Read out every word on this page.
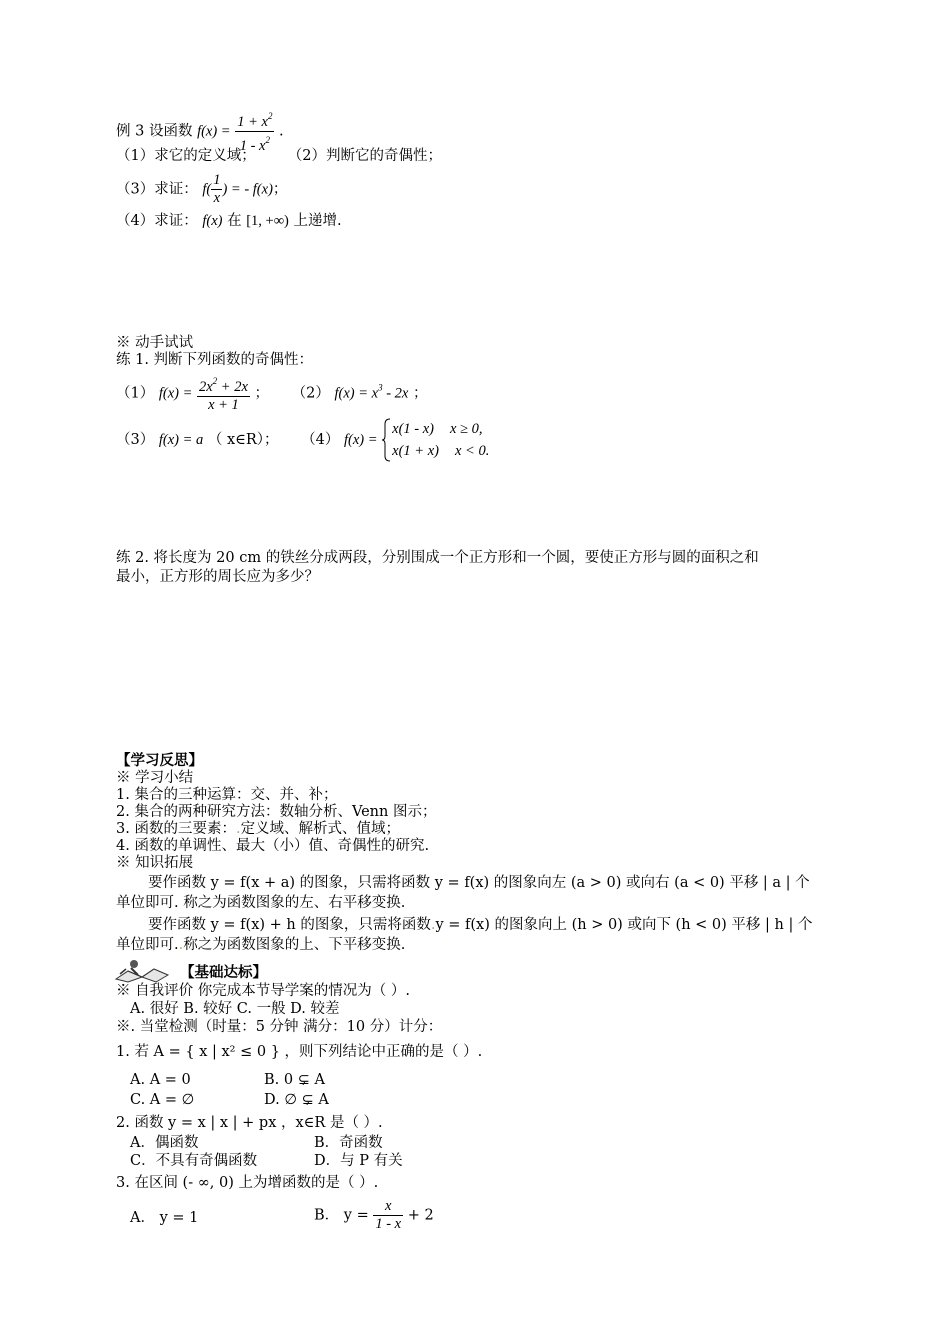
例 3 设函数 $f(x) = \frac{1 + x^2}{1 - x^2}$ .
（1）求它的定义域； （2）判断它的奇偶性；
（3）求证： $f( \frac{1}{x}$ ) = - f(x)；
（4）求证： f(x) 在 [1, +∞) 上递增.
※ 动手试试
练 1. 判断下列函数的奇偶性：
（1） $f(x) = \frac{2x^2 + 2x}{x + 1}$ ； （2） $f(x) = x^3 - 2x$ ；
（3） f(x) = a （ x∈R）； （4） f(x) =
x(1 - x) x ≥ 0,
x(1 + x) x < 0.
练 2. 将长度为 20 cm 的铁丝分成两段，分别围成一个正方形和一个圆，要使正方形与圆的面积之和
最小，正方形的周长应为多少？
【学习反思】
※ 学习小结
1. 集合的三种运算：交、并、补；
2. 集合的两种研究方法：数轴分析、Venn 图示；
3. 函数的三要素：.定义域、解析式、值域；
4. 函数的单调性、最大（小）值、奇偶性的研究.
※ 知识拓展
要作函数 y = f(x + a) 的图象，只需将函数 y = f(x) 的图象向左 (a > 0) 或向右 (a < 0) 平移 | a | 个
单位即可. 称之为函数图象的左、右平移变换.
要作函数 y = f(x) + h 的图象，只需将函数.y = f(x) 的图象向上 (h > 0) 或向下 (h < 0) 平移 | h | 个
单位即可..称之为函数图象的上、下平移变换.
【基础达标】
※ 自我评价 你完成本节导学案的情况为（ ）.
A. 很好 B. 较好 C. 一般 D. 较差
※. 当堂检测（时量：5 分钟 满分：10 分）计分：
1. 若 A = { x | x² ≤ 0 } ，则下列结论中正确的是（ ）.
A. A = 0	B. 0 ⊊ A
C. A = ∅	D. ∅ ⊊ A
2. 函数 y = x | x | + px ，x∈R 是（ ）.
A．偶函数	B．奇函数
C．不具有奇偶函数	D．与 P 有关
3. 在区间 (- ∞, 0) 上为增函数的是（ ）.
A． y = 1	B． $y = \frac{x}{1 - x} + 2$
